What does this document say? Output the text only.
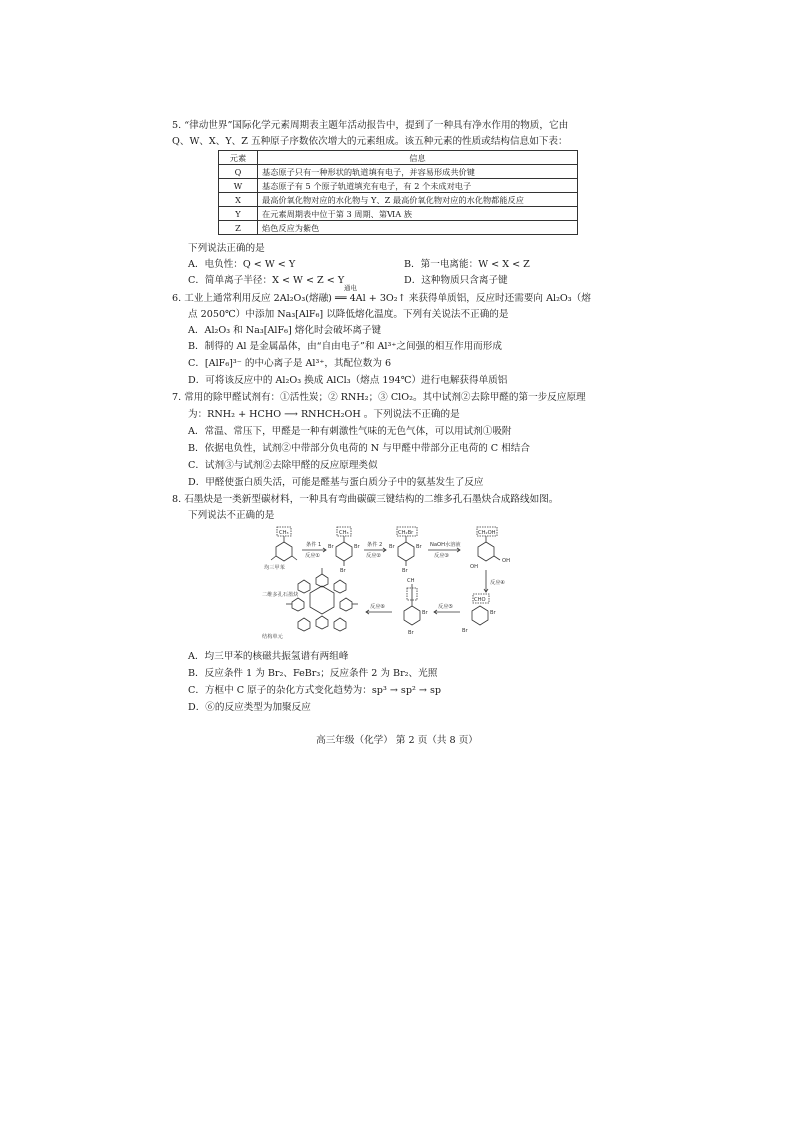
5. “律动世界”国际化学元素周期表主题年活动报告中，提到了一种具有净水作用的物质，它由
Q、W、X、Y、Z 五种原子序数依次增大的元素组成。该五种元素的性质或结构信息如下表：
元素	信息
Q	基态原子只有一种形状的轨道填有电子，并容易形成共价键
W	基态原子有 5 个原子轨道填充有电子，有 2 个未成对电子
X	最高价氧化物对应的水化物与 Y、Z 最高价氧化物对应的水化物都能反应
Y	在元素周期表中位于第 3 周期、第ⅥA 族
Z	焰色反应为紫色
下列说法正确的是
A．电负性：Q < W < Y	B．第一电离能：W < X < Z
C．简单离子半径：X < W < Z < Y	D．这种物质只含离子键
通电
6. 工业上通常利用反应 2Al₂O₃(熔融) ══ 4Al + 3O₂↑ 来获得单质铝，反应时还需要向 Al₂O₃（熔
点 2050℃）中添加 Na₃[AlF₆] 以降低熔化温度。下列有关说法不正确的是
A．Al₂O₃ 和 Na₃[AlF₆] 熔化时会破坏离子键
B．制得的 Al 是金属晶体，由“自由电子”和 Al³⁺之间强的相互作用而形成
C．[AlF₆]³⁻ 的中心离子是 Al³⁺，其配位数为 6
D．可将该反应中的 Al₂O₃ 换成 AlCl₃（熔点 194℃）进行电解获得单质铝
7. 常用的除甲醛试剂有：①活性炭；② RNH₂；③ ClO₂。其中试剂②去除甲醛的第一步反应原理
为：RNH₂ + HCHO ⟶ RNHCH₂OH 。下列说法不正确的是
A．常温、常压下，甲醛是一种有刺激性气味的无色气体，可以用试剂①吸附
B．依据电负性，试剂②中带部分负电荷的 N 与甲醛中带部分正电荷的 C 相结合
C．试剂③与试剂②去除甲醛的反应原理类似
D．甲醛使蛋白质失活，可能是醛基与蛋白质分子中的氨基发生了反应
8. 石墨炔是一类新型碳材料，一种具有弯曲碳碳三键结构的二维多孔石墨炔合成路线如图。
下列说法不正确的是
CH₃
均三甲苯
条件 1
反应①
CH₃
Br	Br
Br
条件 2
反应②
CH₂Br
Br	Br
Br
NaOH水溶液
反应③
CH₂OH
OH
OH
反应④
CHO
Br
Br
反应⑤
CH
Br
Br
反应⑥
二维多孔石墨炔
结构单元
A．均三甲苯的核磁共振氢谱有两组峰
B．反应条件 1 为 Br₂、FeBr₃；反应条件 2 为 Br₂、光照
C．方框中 C 原子的杂化方式变化趋势为：sp³ → sp² → sp
D．⑥的反应类型为加聚反应
高三年级（化学） 第 2 页（共 8 页）
